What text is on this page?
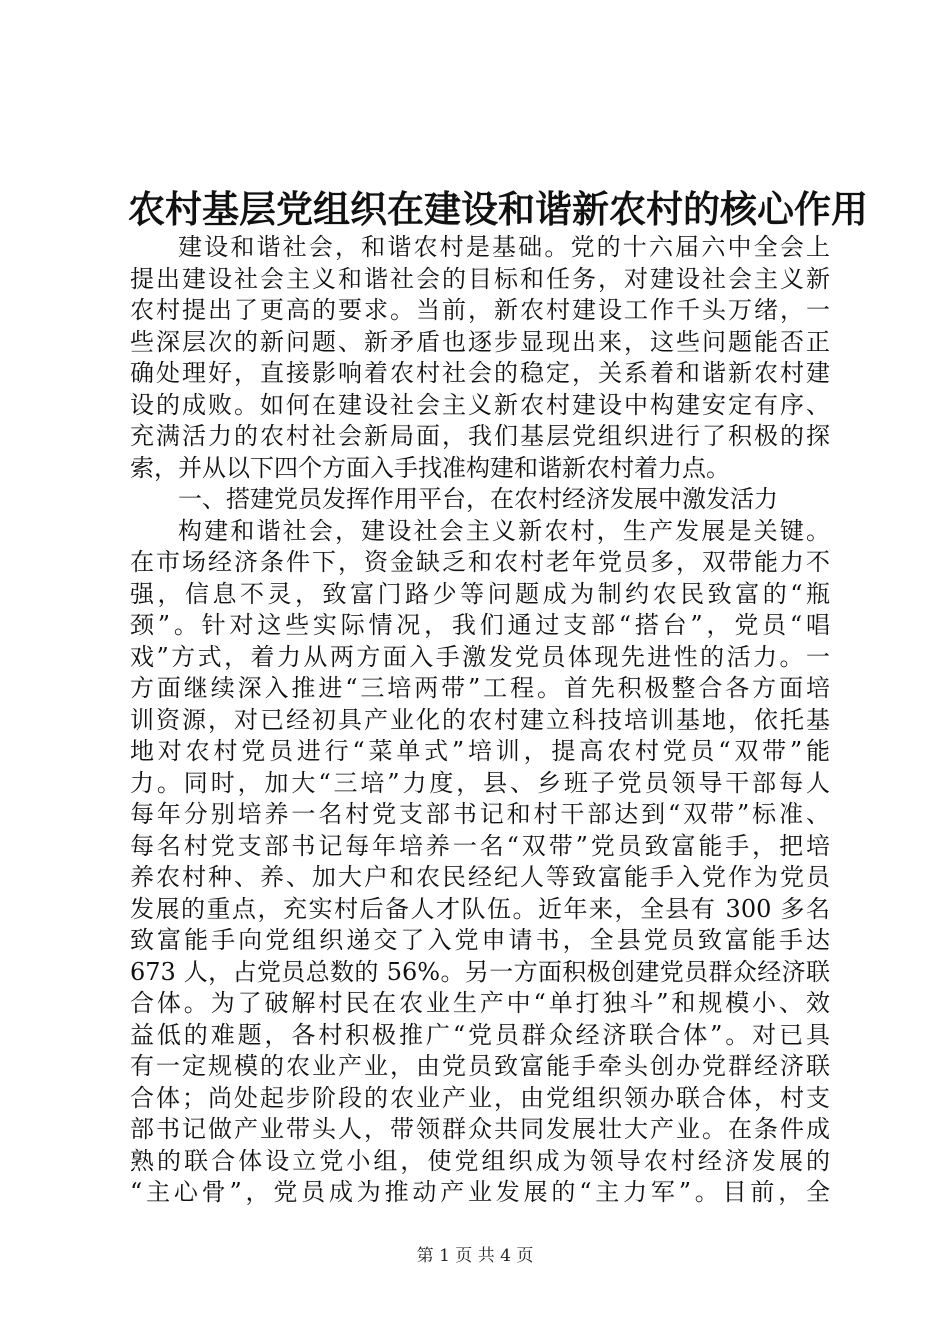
农村基层党组织在建设和谐新农村的核心作用
建设和谐社会，和谐农村是基础。党的十六届六中全会上
提出建设社会主义和谐社会的目标和任务，对建设社会主义新
农村提出了更高的要求。当前，新农村建设工作千头万绪，一
些深层次的新问题、新矛盾也逐步显现出来，这些问题能否正
确处理好，直接影响着农村社会的稳定，关系着和谐新农村建
设的成败。如何在建设社会主义新农村建设中构建安定有序、
充满活力的农村社会新局面，我们基层党组织进行了积极的探
索，并从以下四个方面入手找准构建和谐新农村着力点。
一、搭建党员发挥作用平台，在农村经济发展中激发活力
构建和谐社会，建设社会主义新农村，生产发展是关键。
在市场经济条件下，资金缺乏和农村老年党员多，双带能力不
强，信息不灵，致富门路少等问题成为制约农民致富的“瓶
颈”。针对这些实际情况，我们通过支部“搭台”，党员“唱
戏”方式，着力从两方面入手激发党员体现先进性的活力。一
方面继续深入推进“三培两带”工程。首先积极整合各方面培
训资源，对已经初具产业化的农村建立科技培训基地，依托基
地对农村党员进行“菜单式”培训，提高农村党员“双带”能
力。同时，加大“三培”力度，县、乡班子党员领导干部每人
每年分别培养一名村党支部书记和村干部达到“双带”标准、
每名村党支部书记每年培养一名“双带”党员致富能手，把培
养农村种、养、加大户和农民经纪人等致富能手入党作为党员
发展的重点，充实村后备人才队伍。近年来，全县有 300 多名
致富能手向党组织递交了入党申请书，全县党员致富能手达
673 人，占党员总数的 56%。另一方面积极创建党员群众经济联
合体。为了破解村民在农业生产中“单打独斗”和规模小、效
益低的难题，各村积极推广“党员群众经济联合体”。对已具
有一定规模的农业产业，由党员致富能手牵头创办党群经济联
合体；尚处起步阶段的农业产业，由党组织领办联合体，村支
部书记做产业带头人，带领群众共同发展壮大产业。在条件成
熟的联合体设立党小组，使党组织成为领导农村经济发展的
“主心骨”，党员成为推动产业发展的“主力军”。目前，全
第 1 页 共 4 页
